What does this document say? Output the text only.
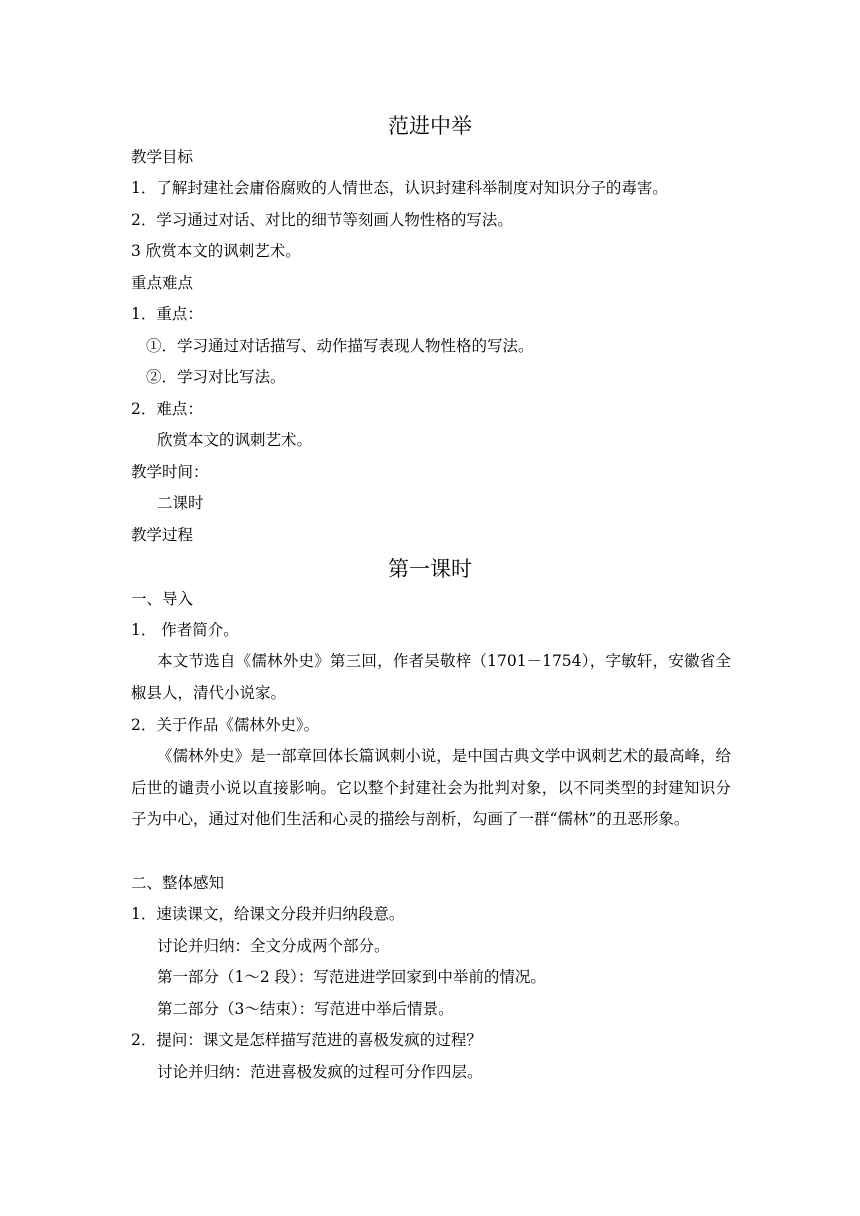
范进中举
教学目标
1．了解封建社会庸俗腐败的人情世态，认识封建科举制度对知识分子的毒害。
2．学习通过对话、对比的细节等刻画人物性格的写法。
3 欣赏本文的讽刺艺术。
重点难点
1．重点：
①．学习通过对话描写、动作描写表现人物性格的写法。
②．学习对比写法。
2．难点：
欣赏本文的讽刺艺术。
教学时间：
二课时
教学过程
第一课时
一、导入
1． 作者简介。
本文节选自《儒林外史》第三回，作者吴敬梓（1701－1754），字敏轩，安徽省全椒县人，清代小说家。
2．关于作品《儒林外史》。
《儒林外史》是一部章回体长篇讽刺小说，是中国古典文学中讽刺艺术的最高峰，给后世的谴责小说以直接影响。它以整个封建社会为批判对象，以不同类型的封建知识分子为中心，通过对他们生活和心灵的描绘与剖析，勾画了一群“儒林”的丑恶形象。
二、整体感知
1．速读课文，给课文分段并归纳段意。
讨论并归纳：全文分成两个部分。
第一部分（1～2 段）：写范进进学回家到中举前的情况。
第二部分（3～结束）：写范进中举后情景。
2．提问：课文是怎样描写范进的喜极发疯的过程？
讨论并归纳：范进喜极发疯的过程可分作四层。
